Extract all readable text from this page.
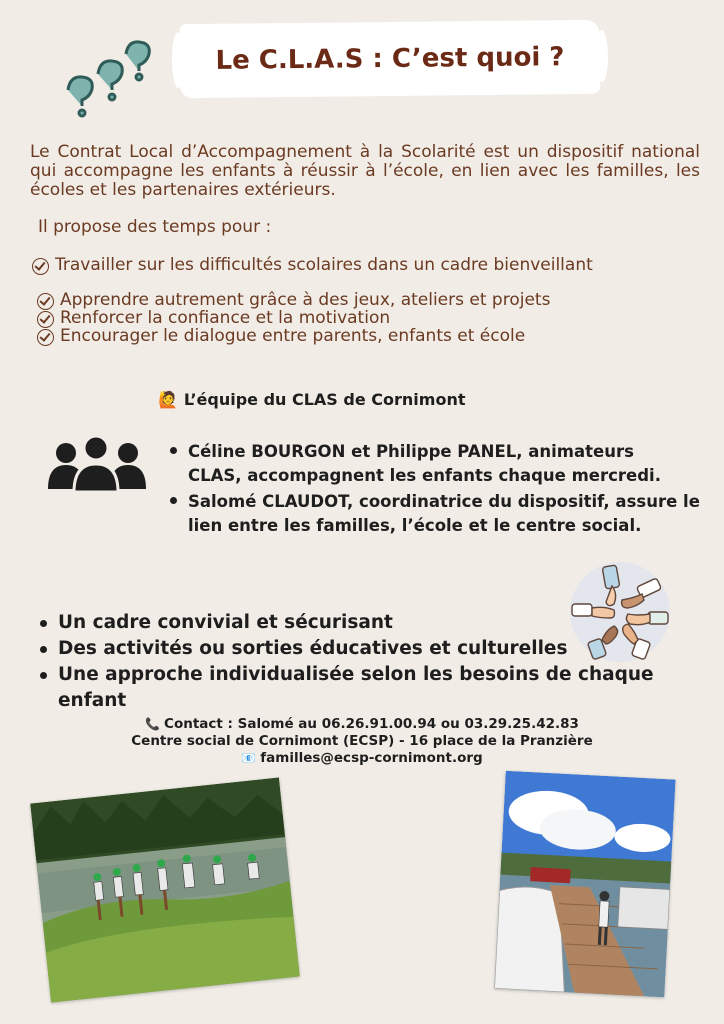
Le C.L.A.S : C’est quoi ?
Le Contrat Local d’Accompagnement à la Scolarité est un dispositif national qui accompagne les enfants à réussir à l’école, en lien avec les familles, les écoles et les partenaires extérieurs.
Il propose des temps pour :
Travailler sur les difficultés scolaires dans un cadre bienveillant
Apprendre autrement grâce à des jeux, ateliers et projets
Renforcer la confiance et la motivation
Encourager le dialogue entre parents, enfants et école
🙋 L’équipe du CLAS de Cornimont
Céline BOURGON et Philippe PANEL, animateurs CLAS, accompagnent les enfants chaque mercredi.
Salomé CLAUDOT, coordinatrice du dispositif, assure le lien entre les familles, l’école et le centre social.
Un cadre convivial et sécurisant
Des activités ou sorties éducatives et culturelles
Une approche individualisée selon les besoins de chaque enfant
📞 Contact : Salomé au 06.26.91.00.94 ou 03.29.25.42.83
Centre social de Cornimont (ECSP) - 16 place de la Pranzière
📧 familles@ecsp-cornimont.org
